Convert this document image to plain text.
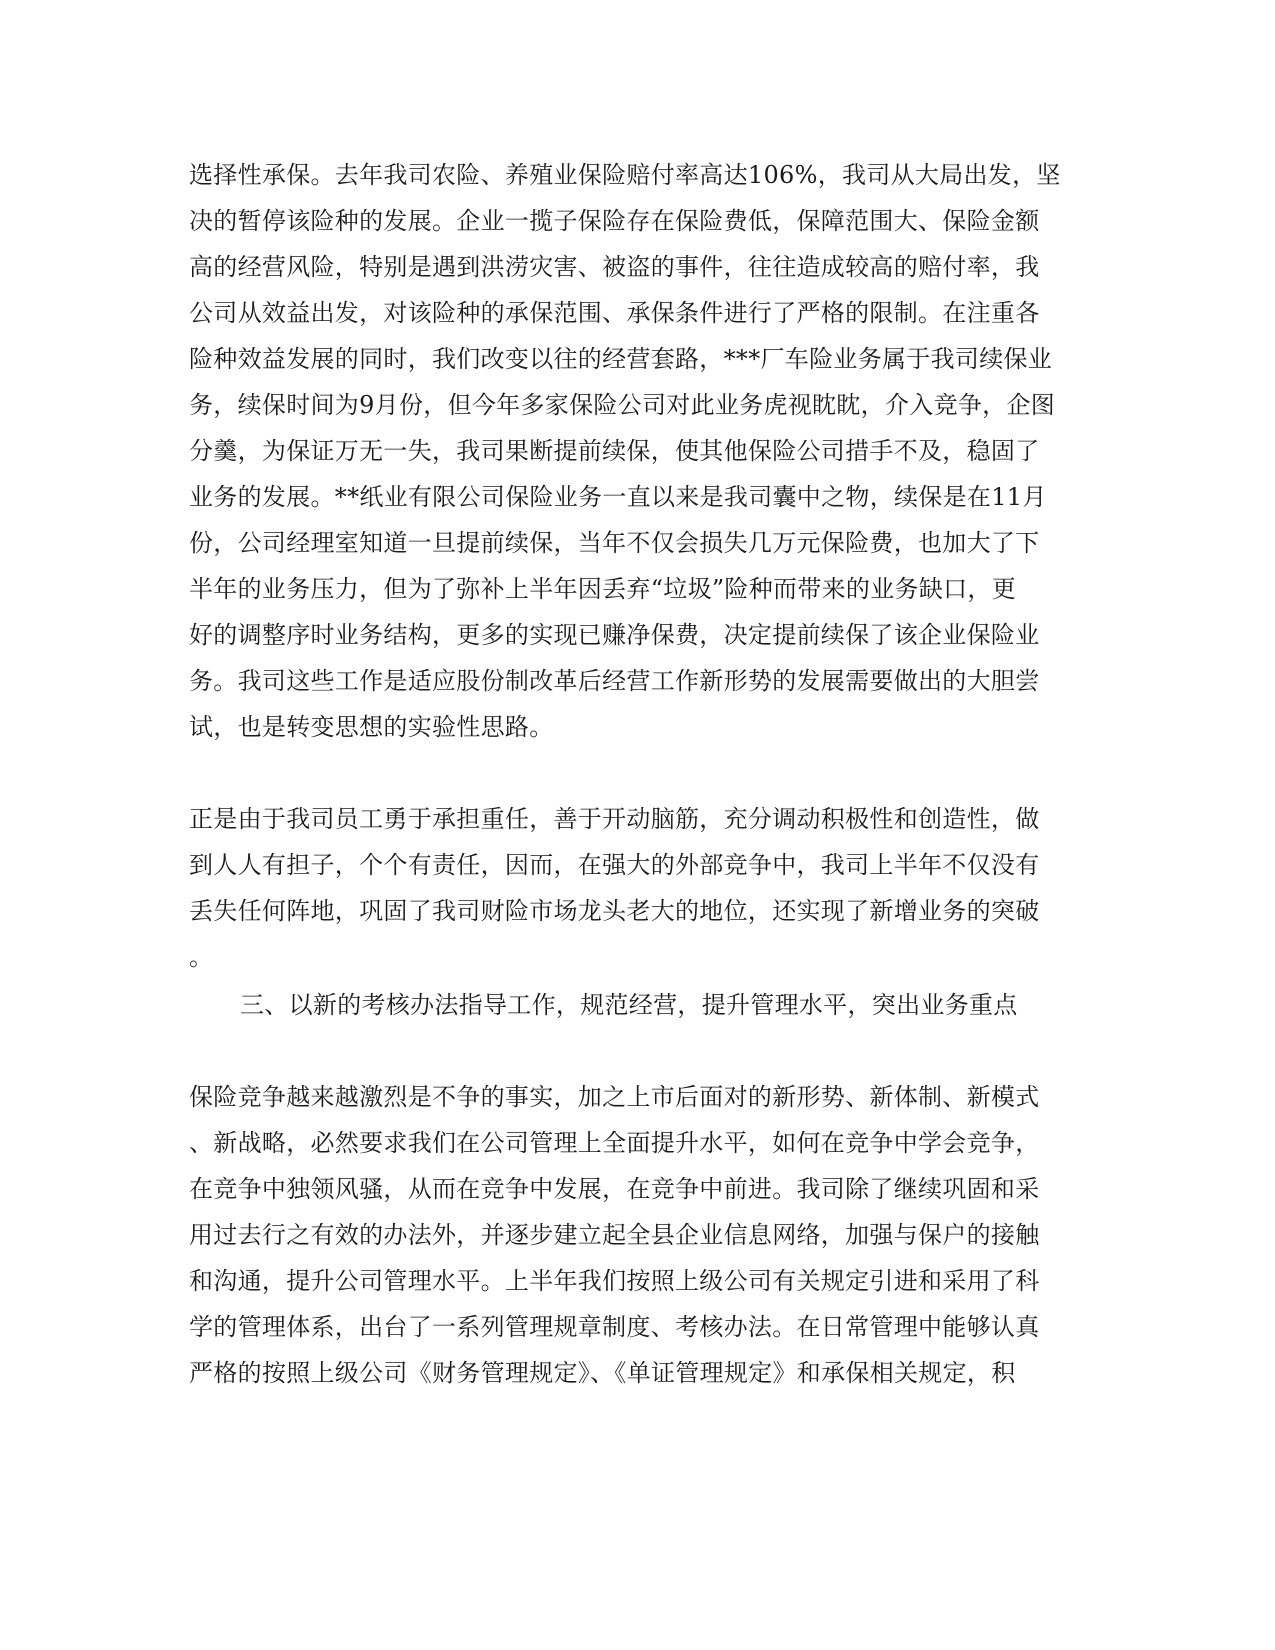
选择性承保。去年我司农险、养殖业保险赔付率高达106%，我司从大局出发，坚
决的暂停该险种的发展。企业一揽子保险存在保险费低，保障范围大、保险金额
高的经营风险，特别是遇到洪涝灾害、被盗的事件，往往造成较高的赔付率，我
公司从效益出发，对该险种的承保范围、承保条件进行了严格的限制。在注重各
险种效益发展的同时，我们改变以往的经营套路，***厂车险业务属于我司续保业
务，续保时间为9月份，但今年多家保险公司对此业务虎视眈眈，介入竞争，企图
分羹，为保证万无一失，我司果断提前续保，使其他保险公司措手不及，稳固了
业务的发展。**纸业有限公司保险业务一直以来是我司囊中之物，续保是在11月
份，公司经理室知道一旦提前续保，当年不仅会损失几万元保险费，也加大了下
半年的业务压力，但为了弥补上半年因丢弃“垃圾”险种而带来的业务缺口，更
好的调整序时业务结构，更多的实现已赚净保费，决定提前续保了该企业保险业
务。我司这些工作是适应股份制改革后经营工作新形势的发展需要做出的大胆尝
试，也是转变思想的实验性思路。
正是由于我司员工勇于承担重任，善于开动脑筋，充分调动积极性和创造性，做
到人人有担子，个个有责任，因而，在强大的外部竞争中，我司上半年不仅没有
丢失任何阵地，巩固了我司财险市场龙头老大的地位，还实现了新增业务的突破
。
三、以新的考核办法指导工作，规范经营，提升管理水平，突出业务重点
保险竞争越来越激烈是不争的事实，加之上市后面对的新形势、新体制、新模式
、新战略，必然要求我们在公司管理上全面提升水平，如何在竞争中学会竞争，
在竞争中独领风骚，从而在竞争中发展，在竞争中前进。我司除了继续巩固和采
用过去行之有效的办法外，并逐步建立起全县企业信息网络，加强与保户的接触
和沟通，提升公司管理水平。上半年我们按照上级公司有关规定引进和采用了科
学的管理体系，出台了一系列管理规章制度、考核办法。在日常管理中能够认真
严格的按照上级公司《财务管理规定》、《单证管理规定》和承保相关规定，积
